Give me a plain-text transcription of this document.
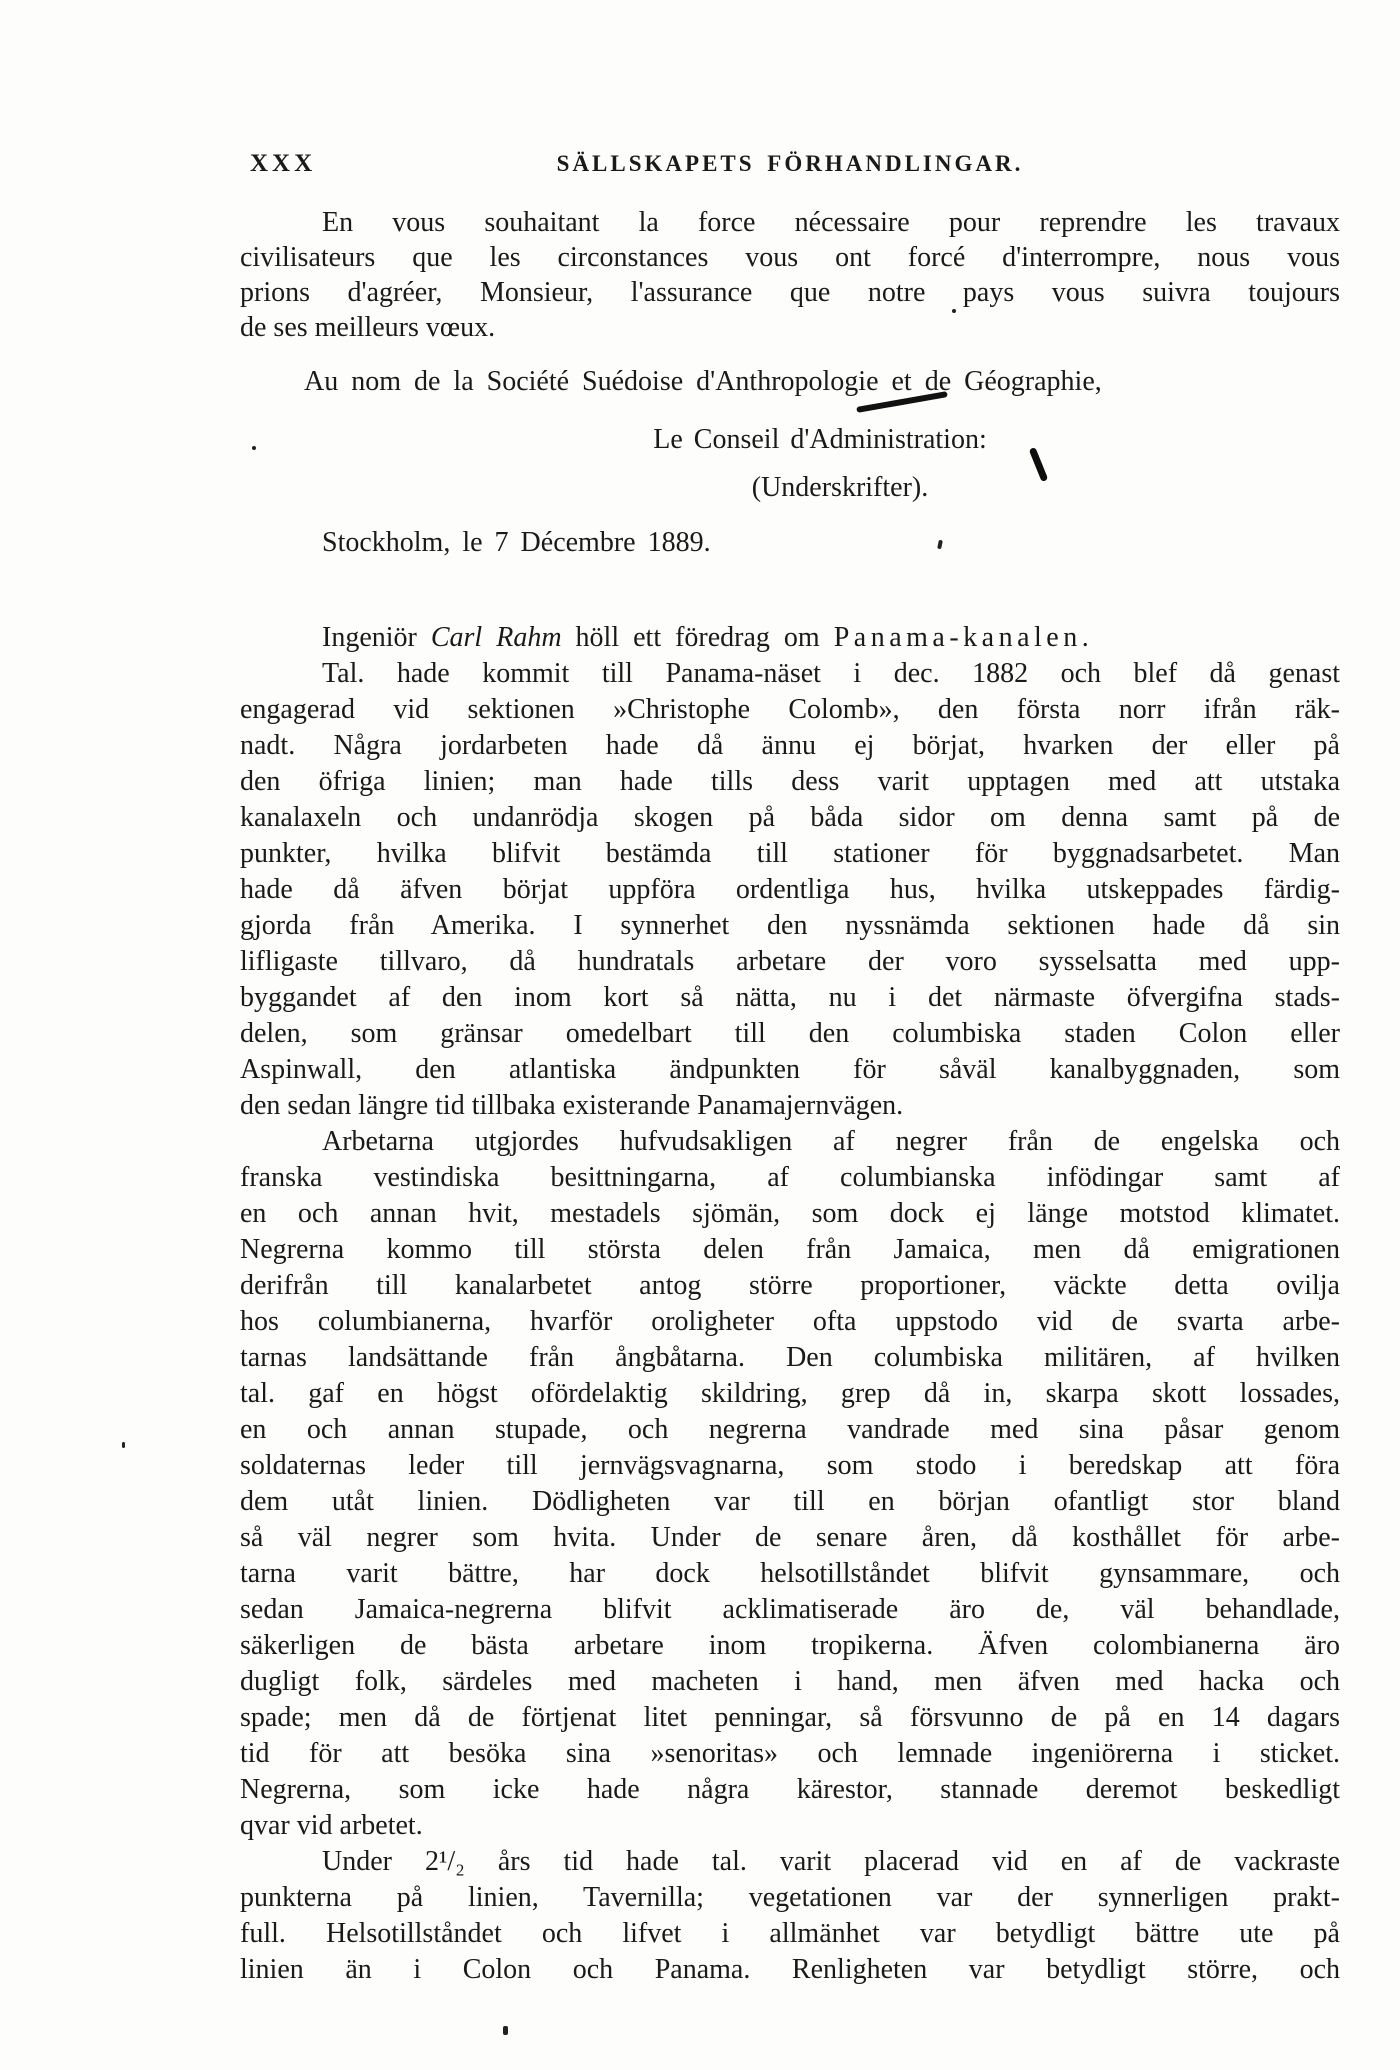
XXX	SÄLLSKAPETS FÖRHANDLINGAR.
En vous souhaitant la force nécessaire pour reprendre les travaux
civilisateurs que les circonstances vous ont forcé d'interrompre, nous vous
prions d'agréer, Monsieur, l'assurance que notre pays vous suivra toujours
de ses meilleurs vœux.
Au nom de la Société Suédoise d'Anthropologie et de Géographie,
Le Conseil d'Administration:
(Underskrifter).
Stockholm, le 7 Décembre 1889.
Ingeniör Carl Rahm höll ett föredrag om Panama-kanalen.
Tal. hade kommit till Panama-näset i dec. 1882 och blef då genast
engagerad vid sektionen »Christophe Colomb», den första norr ifrån räk-
nadt. Några jordarbeten hade då ännu ej börjat, hvarken der eller på
den öfriga linien; man hade tills dess varit upptagen med att utstaka
kanalaxeln och undanrödja skogen på båda sidor om denna samt på de
punkter, hvilka blifvit bestämda till stationer för byggnadsarbetet. Man
hade då äfven börjat uppföra ordentliga hus, hvilka utskeppades färdig-
gjorda från Amerika. I synnerhet den nyssnämda sektionen hade då sin
lifligaste tillvaro, då hundratals arbetare der voro sysselsatta med upp-
byggandet af den inom kort så nätta, nu i det närmaste öfvergifna stads-
delen, som gränsar omedelbart till den columbiska staden Colon eller
Aspinwall, den atlantiska ändpunkten för såväl kanalbyggnaden, som
den sedan längre tid tillbaka existerande Panamajernvägen.
Arbetarna utgjordes hufvudsakligen af negrer från de engelska och
franska vestindiska besittningarna, af columbianska infödingar samt af
en och annan hvit, mestadels sjömän, som dock ej länge motstod klimatet.
Negrerna kommo till största delen från Jamaica, men då emigrationen
derifrån till kanalarbetet antog större proportioner, väckte detta ovilja
hos columbianerna, hvarför oroligheter ofta uppstodo vid de svarta arbe-
tarnas landsättande från ångbåtarna. Den columbiska militären, af hvilken
tal. gaf en högst ofördelaktig skildring, grep då in, skarpa skott lossades,
en och annan stupade, och negrerna vandrade med sina påsar genom
soldaternas leder till jernvägsvagnarna, som stodo i beredskap att föra
dem utåt linien. Dödligheten var till en början ofantligt stor bland
så väl negrer som hvita. Under de senare åren, då kosthållet för arbe-
tarna varit bättre, har dock helsotillståndet blifvit gynsammare, och
sedan Jamaica-negrerna blifvit acklimatiserade äro de, väl behandlade,
säkerligen de bästa arbetare inom tropikerna. Äfven colombianerna äro
dugligt folk, särdeles med macheten i hand, men äfven med hacka och
spade; men då de förtjenat litet penningar, så försvunno de på en 14 dagars
tid för att besöka sina »senoritas» och lemnade ingeniörerna i sticket.
Negrerna, som icke hade några kärestor, stannade deremot beskedligt
qvar vid arbetet.
Under 2¹/₂ års tid hade tal. varit placerad vid en af de vackraste
punkterna på linien, Tavernilla; vegetationen var der synnerligen prakt-
full. Helsotillståndet och lifvet i allmänhet var betydligt bättre ute på
linien än i Colon och Panama. Renligheten var betydligt större, och
